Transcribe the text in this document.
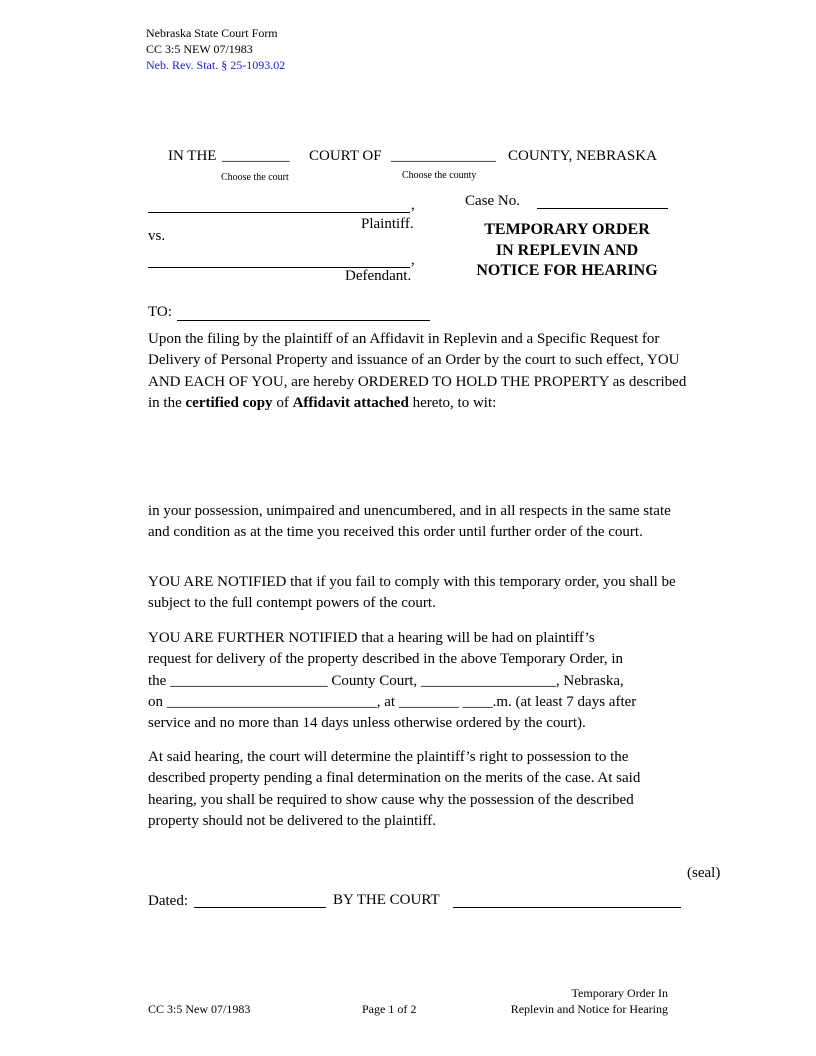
Nebraska State Court Form
CC 3:5 NEW 07/1983
Neb. Rev. Stat. § 25-1093.02
IN THE _________ COURT OF ______________ COUNTY, NEBRASKA
Choose the court	Choose the county
,
Plaintiff.
vs.
,
Defendant.
Case No.
TEMPORARY ORDER
IN REPLEVIN AND
NOTICE FOR HEARING
TO:
Upon the filing by the plaintiff of an Affidavit in Replevin and a Specific Request for Delivery of Personal Property and issuance of an Order by the court to such effect, YOU AND EACH OF YOU, are hereby ORDERED TO HOLD THE PROPERTY as described in the certified copy of Affidavit attached hereto, to wit:
in your possession, unimpaired and unencumbered, and in all respects in the same state and condition as at the time you received this order until further order of the court.
YOU ARE NOTIFIED that if you fail to comply with this temporary order, you shall be subject to the full contempt powers of the court.
YOU ARE FURTHER NOTIFIED that a hearing will be had on plaintiff’s
request for delivery of the property described in the above Temporary Order, in
the _____________________ County Court, __________________, Nebraska,
on ____________________________, at ________ ____.m. (at least 7 days after
service and no more than 14 days unless otherwise ordered by the court).
At said hearing, the court will determine the plaintiff’s right to possession to the described property pending a final determination on the merits of the case. At said hearing, you shall be required to show cause why the possession of the described property should not be delivered to the plaintiff.
(seal)
Dated:	BY THE COURT
CC 3:5 New 07/1983	Page 1 of 2
Temporary Order In
Replevin and Notice for Hearing
